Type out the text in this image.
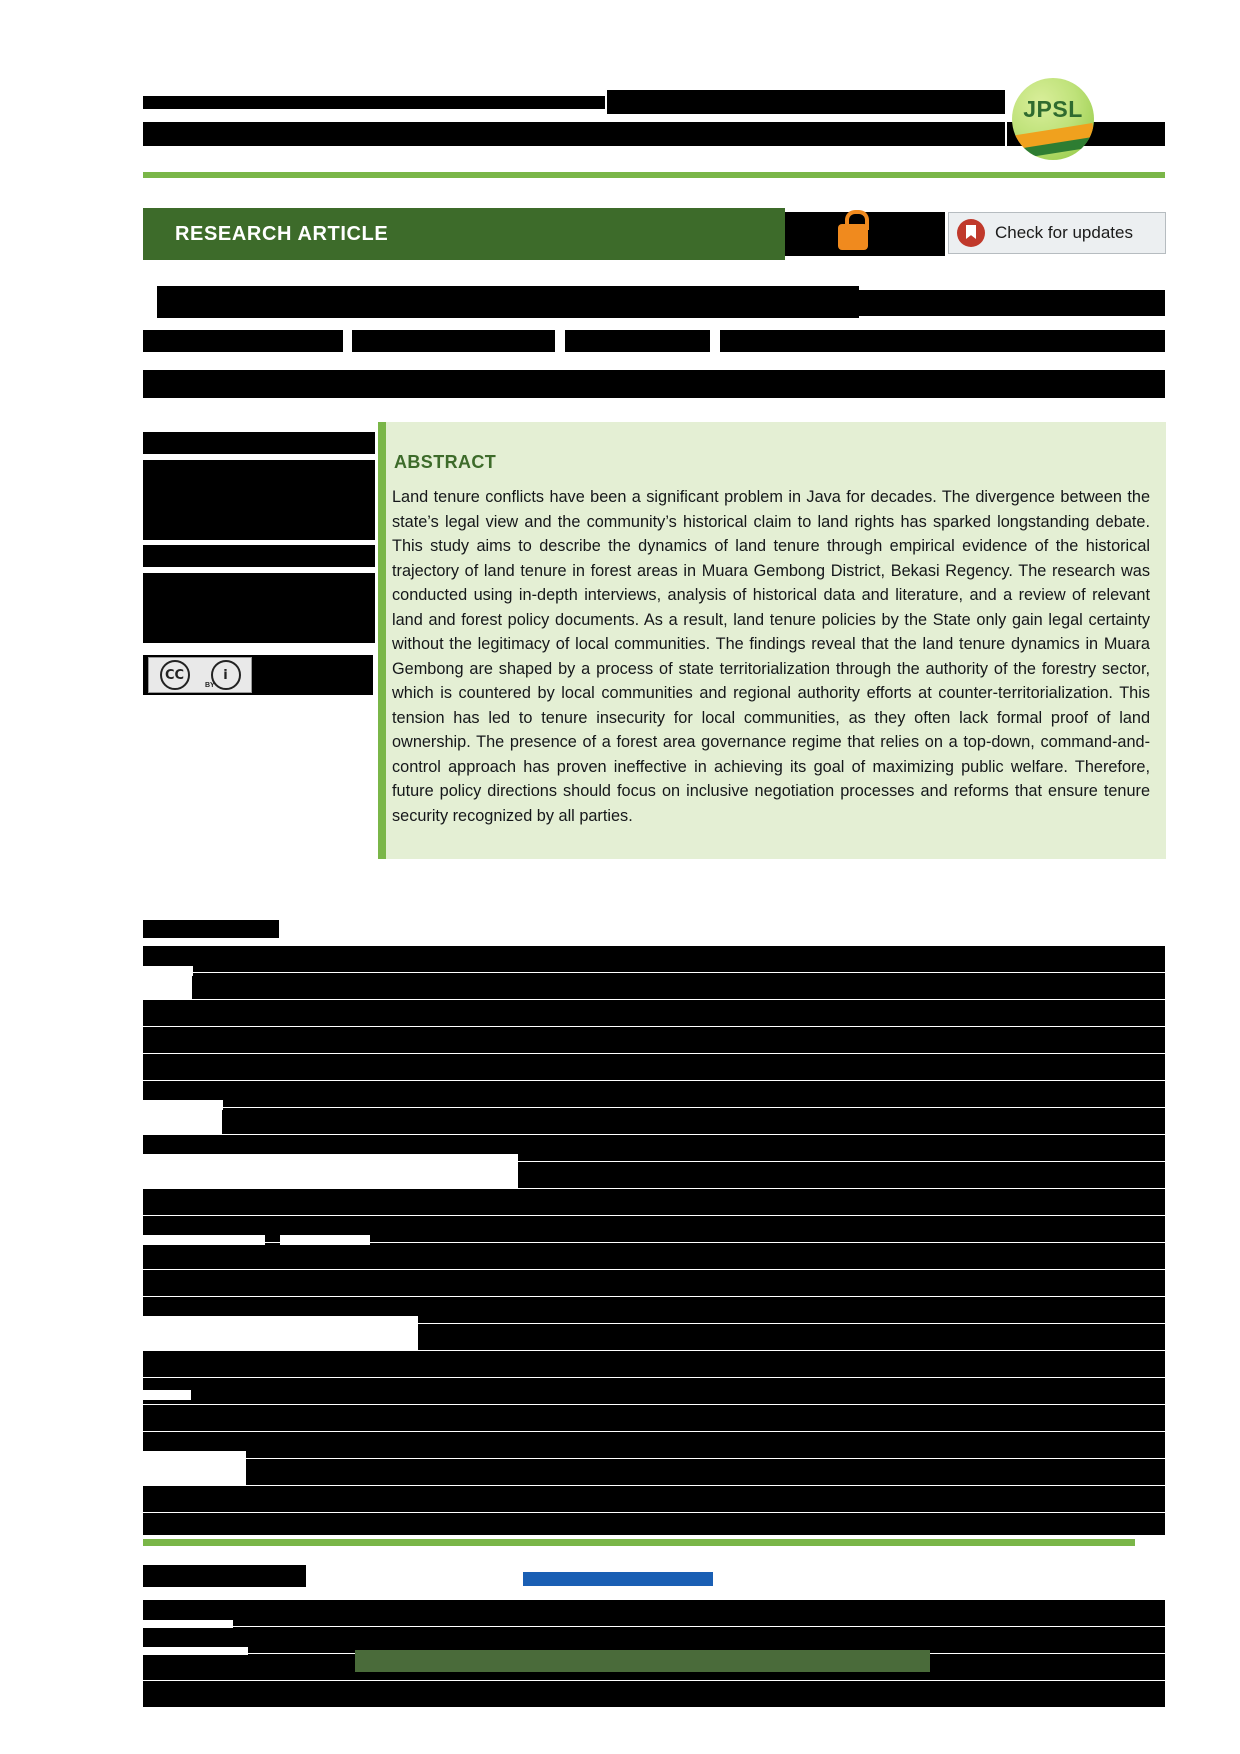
JPSL
RESEARCH ARTICLE	Check for updates
CC	i
BY
ABSTRACT
Land tenure conflicts have been a significant problem in Java for decades. The divergence between the state’s legal view and the community’s historical claim to land rights has sparked longstanding debate. This study aims to describe the dynamics of land tenure through empirical evidence of the historical trajectory of land tenure in forest areas in Muara Gembong District, Bekasi Regency. The research was conducted using in-depth interviews, analysis of historical data and literature, and a review of relevant land and forest policy documents. As a result, land tenure policies by the State only gain legal certainty without the legitimacy of local communities. The findings reveal that the land tenure dynamics in Muara Gembong are shaped by a process of state territorialization through the authority of the forestry sector, which is countered by local communities and regional authority efforts at counter-territorialization. This tension has led to tenure insecurity for local communities, as they often lack formal proof of land ownership. The presence of a forest area governance regime that relies on a top-down, command-and-control approach has proven ineffective in achieving its goal of maximizing public welfare. Therefore, future policy directions should focus on inclusive negotiation processes and reforms that ensure tenure security recognized by all parties.
